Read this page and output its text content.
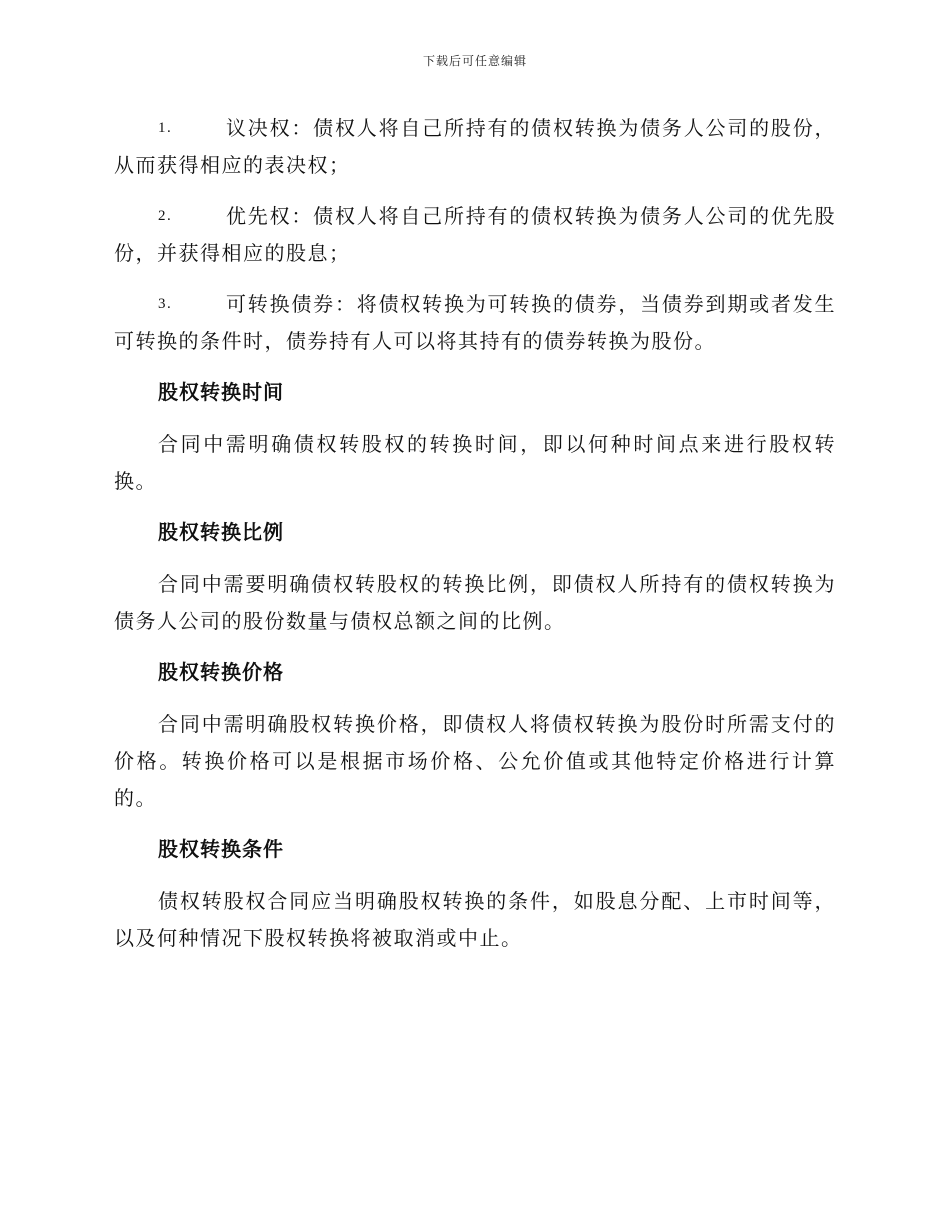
下载后可任意编辑
1.	议决权：债权人将自己所持有的债权转换为债务人公司的股份，从而获得相应的表决权；
2.	优先权：债权人将自己所持有的债权转换为债务人公司的优先股份，并获得相应的股息；
3.	可转换债券：将债权转换为可转换的债券，当债券到期或者发生可转换的条件时，债券持有人可以将其持有的债券转换为股份。
股权转换时间
合同中需明确债权转股权的转换时间，即以何种时间点来进行股权转换。
股权转换比例
合同中需要明确债权转股权的转换比例，即债权人所持有的债权转换为债务人公司的股份数量与债权总额之间的比例。
股权转换价格
合同中需明确股权转换价格，即债权人将债权转换为股份时所需支付的价格。转换价格可以是根据市场价格、公允价值或其他特定价格进行计算的。
股权转换条件
债权转股权合同应当明确股权转换的条件，如股息分配、上市时间等，以及何种情况下股权转换将被取消或中止。
